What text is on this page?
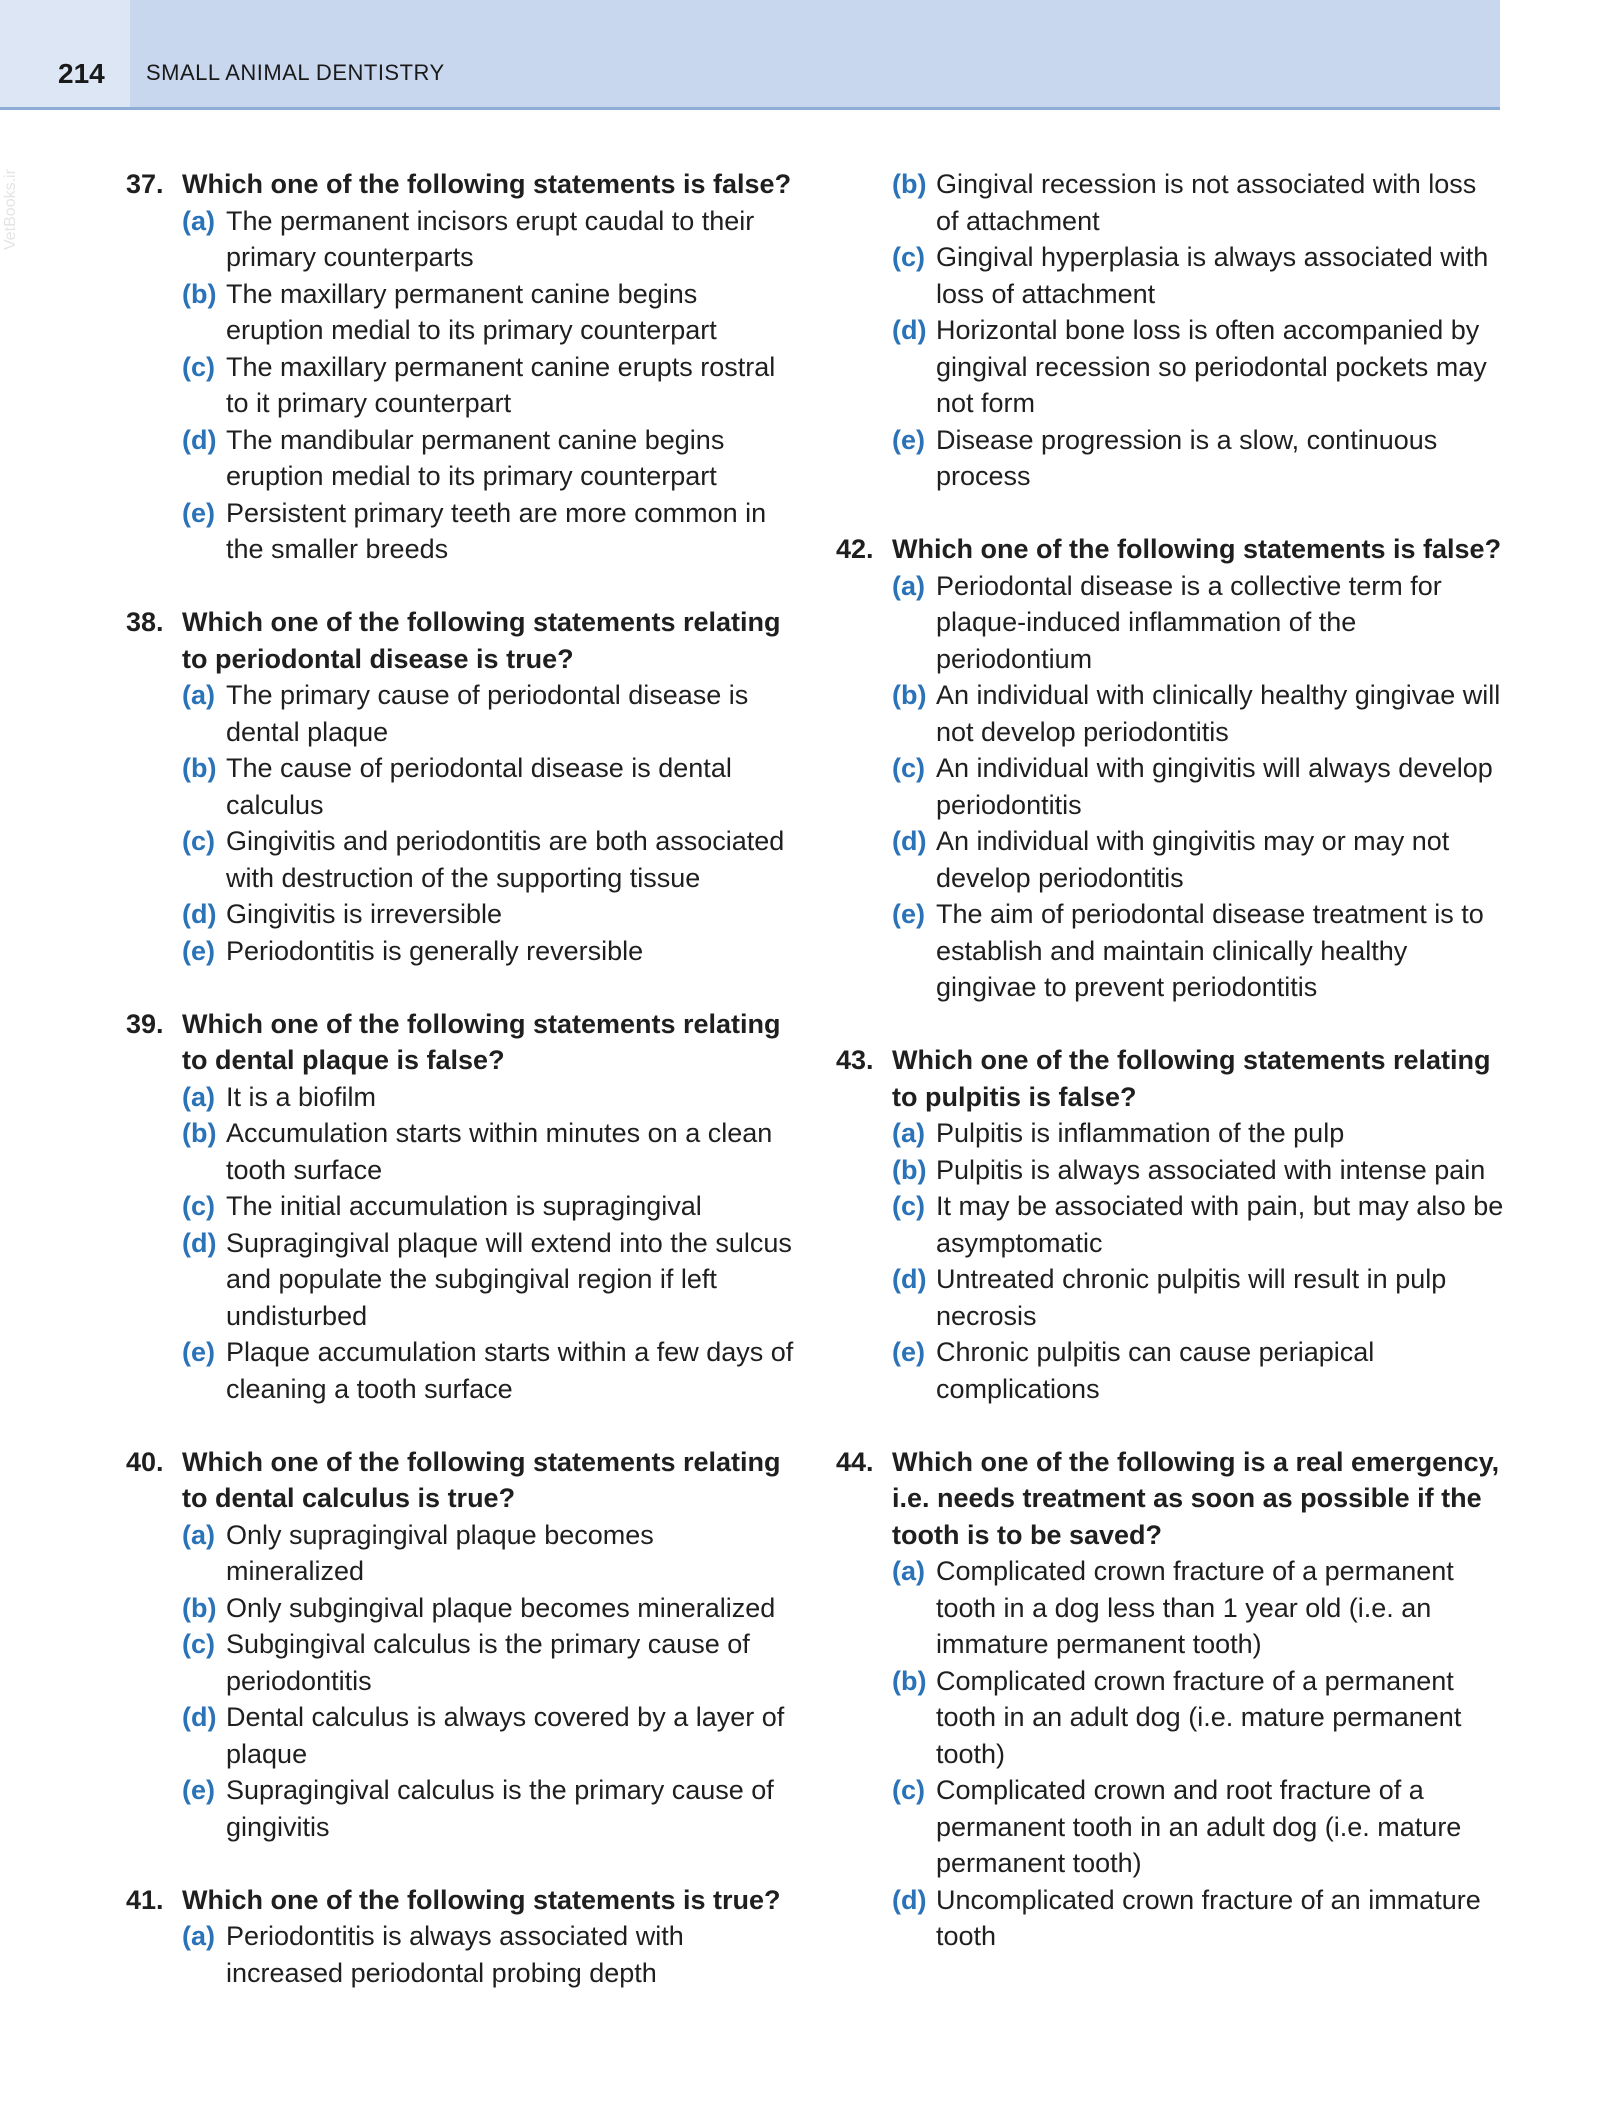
214 SMALL ANIMAL DENTISTRY
VetBooks.ir	37. Which one of the following statements is false?
(a) The permanent incisors erupt caudal to their primary counterparts
(b) The maxillary permanent canine begins eruption medial to its primary counterpart
(c) The maxillary permanent canine erupts rostral to it primary counterpart
(d) The mandibular permanent canine begins eruption medial to its primary counterpart
(e) Persistent primary teeth are more common in the smaller breeds
38. Which one of the following statements relating to periodontal disease is true?
(a) The primary cause of periodontal disease is dental plaque
(b) The cause of periodontal disease is dental calculus
(c) Gingivitis and periodontitis are both associated with destruction of the supporting tissue
(d) Gingivitis is irreversible
(e) Periodontitis is generally reversible
39. Which one of the following statements relating to dental plaque is false?
(a) It is a biofilm
(b) Accumulation starts within minutes on a clean tooth surface
(c) The initial accumulation is supragingival
(d) Supragingival plaque will extend into the sulcus and populate the subgingival region if left undisturbed
(e) Plaque accumulation starts within a few days of cleaning a tooth surface
40. Which one of the following statements relating to dental calculus is true?
(a) Only supragingival plaque becomes mineralized
(b) Only subgingival plaque becomes mineralized
(c) Subgingival calculus is the primary cause of periodontitis
(d) Dental calculus is always covered by a layer of plaque
(e) Supragingival calculus is the primary cause of gingivitis
41. Which one of the following statements is true?
(a) Periodontitis is always associated with increased periodontal probing depth
(b) Gingival recession is not associated with loss of attachment
(c) Gingival hyperplasia is always associated with loss of attachment
(d) Horizontal bone loss is often accompanied by gingival recession so periodontal pockets may not form
(e) Disease progression is a slow, continuous process
42. Which one of the following statements is false?
(a) Periodontal disease is a collective term for plaque-induced inflammation of the periodontium
(b) An individual with clinically healthy gingivae will not develop periodontitis
(c) An individual with gingivitis will always develop periodontitis
(d) An individual with gingivitis may or may not develop periodontitis
(e) The aim of periodontal disease treatment is to establish and maintain clinically healthy gingivae to prevent periodontitis
43. Which one of the following statements relating to pulpitis is false?
(a) Pulpitis is inflammation of the pulp
(b) Pulpitis is always associated with intense pain
(c) It may be associated with pain, but may also be asymptomatic
(d) Untreated chronic pulpitis will result in pulp necrosis
(e) Chronic pulpitis can cause periapical complications
44. Which one of the following is a real emergency, i.e. needs treatment as soon as possible if the tooth is to be saved?
(a) Complicated crown fracture of a permanent tooth in a dog less than 1 year old (i.e. an immature permanent tooth)
(b) Complicated crown fracture of a permanent tooth in an adult dog (i.e. mature permanent tooth)
(c) Complicated crown and root fracture of a permanent tooth in an adult dog (i.e. mature permanent tooth)
(d) Uncomplicated crown fracture of an immature tooth
